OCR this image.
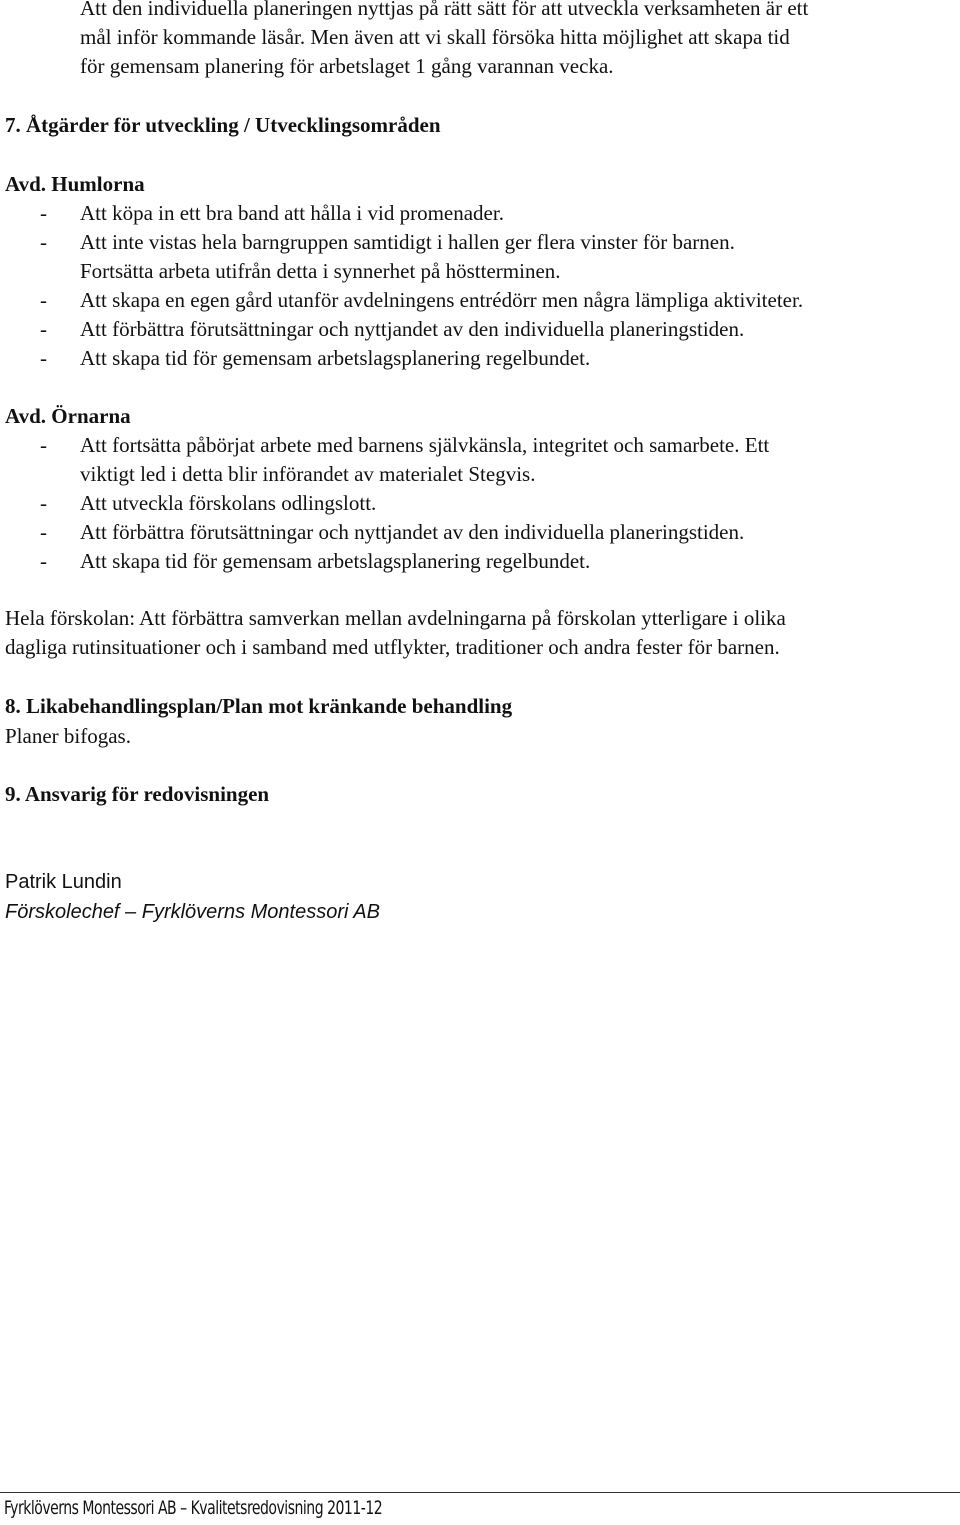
Att den individuella planeringen nyttjas på rätt sätt för att utveckla verksamheten är ett
mål inför kommande läsår. Men även att vi skall försöka hitta möjlighet att skapa tid
för gemensam planering för arbetslaget 1 gång varannan vecka.
7. Åtgärder för utveckling / Utvecklingsområden
Avd. Humlorna
- Att köpa in ett bra band att hålla i vid promenader.
- Att inte vistas hela barngruppen samtidigt i hallen ger flera vinster för barnen.
Fortsätta arbeta utifrån detta i synnerhet på höstterminen.
- Att skapa en egen gård utanför avdelningens entrédörr men några lämpliga aktiviteter.
- Att förbättra förutsättningar och nyttjandet av den individuella planeringstiden.
- Att skapa tid för gemensam arbetslagsplanering regelbundet.
Avd. Örnarna
- Att fortsätta påbörjat arbete med barnens självkänsla, integritet och samarbete. Ett
viktigt led i detta blir införandet av materialet Stegvis.
- Att utveckla förskolans odlingslott.
- Att förbättra förutsättningar och nyttjandet av den individuella planeringstiden.
- Att skapa tid för gemensam arbetslagsplanering regelbundet.
Hela förskolan: Att förbättra samverkan mellan avdelningarna på förskolan ytterligare i olika
dagliga rutinsituationer och i samband med utflykter, traditioner och andra fester för barnen.
8. Likabehandlingsplan/Plan mot kränkande behandling
Planer bifogas.
9. Ansvarig för redovisningen
Patrik Lundin
Förskolechef – Fyrklöverns Montessori AB
Fyrklöverns Montessori AB – Kvalitetsredovisning 2011-12
